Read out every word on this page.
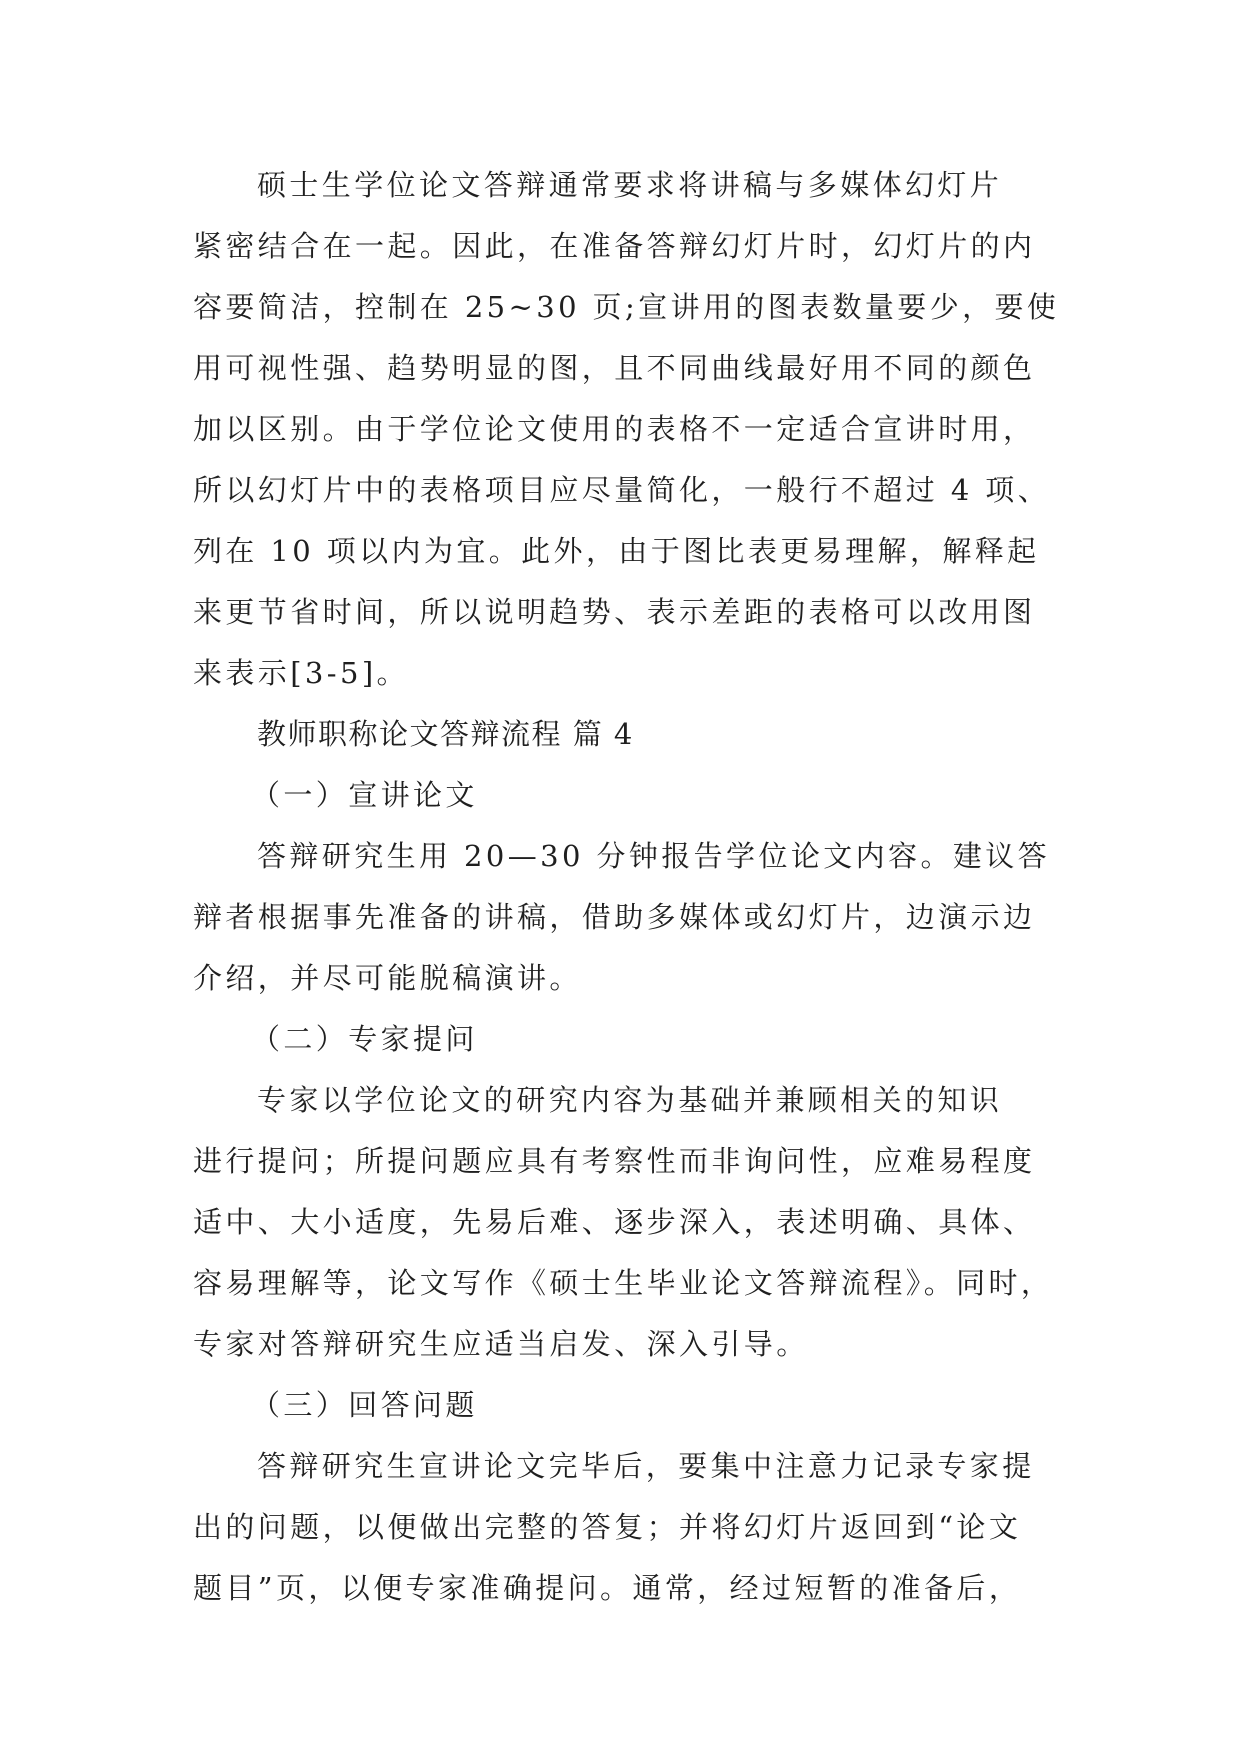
硕士生学位论文答辩通常要求将讲稿与多媒体幻灯片
紧密结合在一起。因此，在准备答辩幻灯片时，幻灯片的内
容要简洁，控制在 25~30 页;宣讲用的图表数量要少，要使
用可视性强、趋势明显的图，且不同曲线最好用不同的颜色
加以区别。由于学位论文使用的表格不一定适合宣讲时用，
所以幻灯片中的表格项目应尽量简化，一般行不超过 4 项、
列在 10 项以内为宜。此外，由于图比表更易理解，解释起
来更节省时间，所以说明趋势、表示差距的表格可以改用图
来表示[3-5]。
教师职称论文答辩流程 篇 4
（一）宣讲论文
答辩研究生用 20—30 分钟报告学位论文内容。建议答
辩者根据事先准备的讲稿，借助多媒体或幻灯片，边演示边
介绍，并尽可能脱稿演讲。
（二）专家提问
专家以学位论文的研究内容为基础并兼顾相关的知识
进行提问；所提问题应具有考察性而非询问性，应难易程度
适中、大小适度，先易后难、逐步深入，表述明确、具体、
容易理解等，论文写作《硕士生毕业论文答辩流程》。同时，
专家对答辩研究生应适当启发、深入引导。
（三）回答问题
答辩研究生宣讲论文完毕后，要集中注意力记录专家提
出的问题，以便做出完整的答复；并将幻灯片返回到“论文
题目”页，以便专家准确提问。通常，经过短暂的准备后，
